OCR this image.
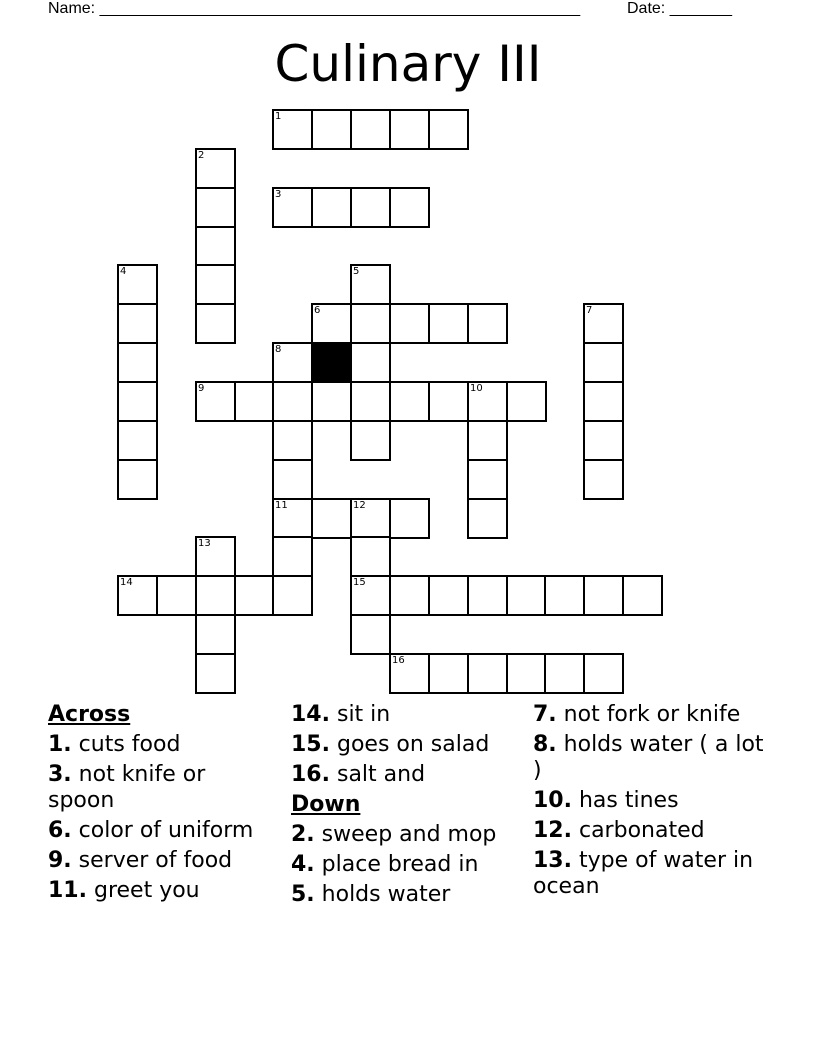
Name: ______________________________________________________	Date: _______
Culinary III
1
2
3
4	5
6	7
8
9	10
11	12
13
14	15
16
Across
1. cuts food
3. not knife or spoon
6. color of uniform
9. server of food
11. greet you
14. sit in
15. goes on salad
16. salt and
Down
2. sweep and mop
4. place bread in
5. holds water
7. not fork or knife
8. holds water ( a lot )
10. has tines
12. carbonated
13. type of water in ocean
